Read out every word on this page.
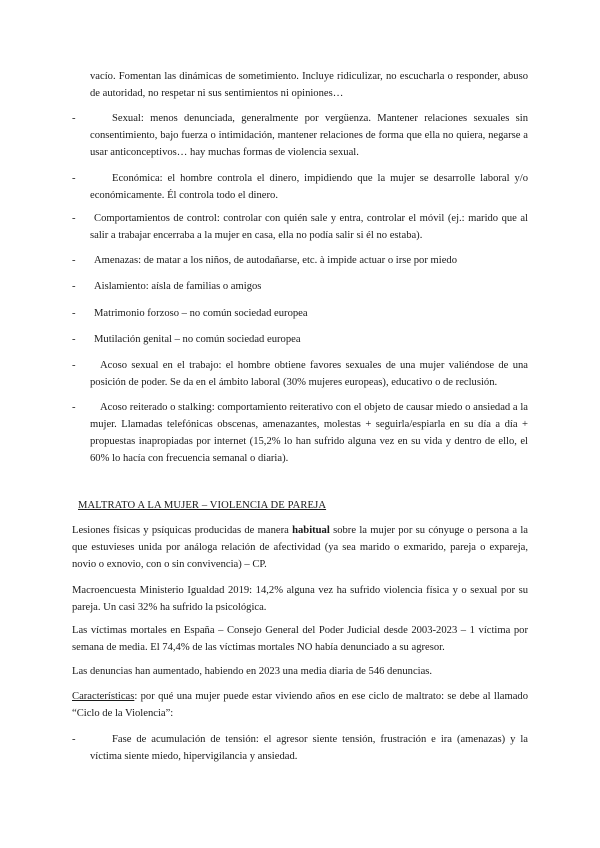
vacío. Fomentan las dinámicas de sometimiento. Incluye ridiculizar, no escucharla o responder, abuso de autoridad, no respetar ni sus sentimientos ni opiniones…

-	Sexual: menos denunciada, generalmente por vergüenza. Mantener relaciones sexuales sin consentimiento, bajo fuerza o intimidación, mantener relaciones de forma que ella no quiera, negarse a usar anticonceptivos… hay muchas formas de violencia sexual.
-	Económica: el hombre controla el dinero, impidiendo que la mujer se desarrolle laboral y/o económicamente. Él controla todo el dinero.
-	Comportamientos de control: controlar con quién sale y entra, controlar el móvil (ej.: marido que al salir a trabajar encerraba a la mujer en casa, ella no podía salir si él no estaba).
-	Amenazas: de matar a los niños, de autodañarse, etc. à impide actuar o irse por miedo
-	Aislamiento: aísla de familias o amigos
-	Matrimonio forzoso – no común sociedad europea
-	Mutilación genital – no común sociedad europea
-	Acoso sexual en el trabajo: el hombre obtiene favores sexuales de una mujer valiéndose de una posición de poder. Se da en el ámbito laboral (30% mujeres europeas), educativo o de reclusión.
-	Acoso reiterado o stalking: comportamiento reiterativo con el objeto de causar miedo o ansiedad a la mujer. Llamadas telefónicas obscenas, amenazantes, molestas + seguirla/espiarla en su día a día + propuestas inapropiadas por internet (15,2% lo han sufrido alguna vez en su vida y dentro de ello, el 60% lo hacía con frecuencia semanal o diaria).
MALTRATO A LA MUJER – VIOLENCIA DE PAREJA

Lesiones físicas y psíquicas producidas de manera habitual sobre la mujer por su cónyuge o persona a la que estuvieses unida por análoga relación de afectividad (ya sea marido o exmarido, pareja o expareja, novio o exnovio, con o sin convivencia) – CP.

Macroencuesta Ministerio Igualdad 2019: 14,2% alguna vez ha sufrido violencia física y o sexual por su pareja. Un casi 32% ha sufrido la psicológica.

Las víctimas mortales en España – Consejo General del Poder Judicial desde 2003-2023 – 1 víctima por semana de media. El 74,4% de las víctimas mortales NO había denunciado a su agresor.

Las denuncias han aumentado, habiendo en 2023 una media diaria de 546 denuncias.

Características: por qué una mujer puede estar viviendo años en ese ciclo de maltrato: se debe al llamado “Ciclo de la Violencia”:

-	Fase de acumulación de tensión: el agresor siente tensión, frustración e ira (amenazas) y la víctima siente miedo, hipervigilancia y ansiedad.
